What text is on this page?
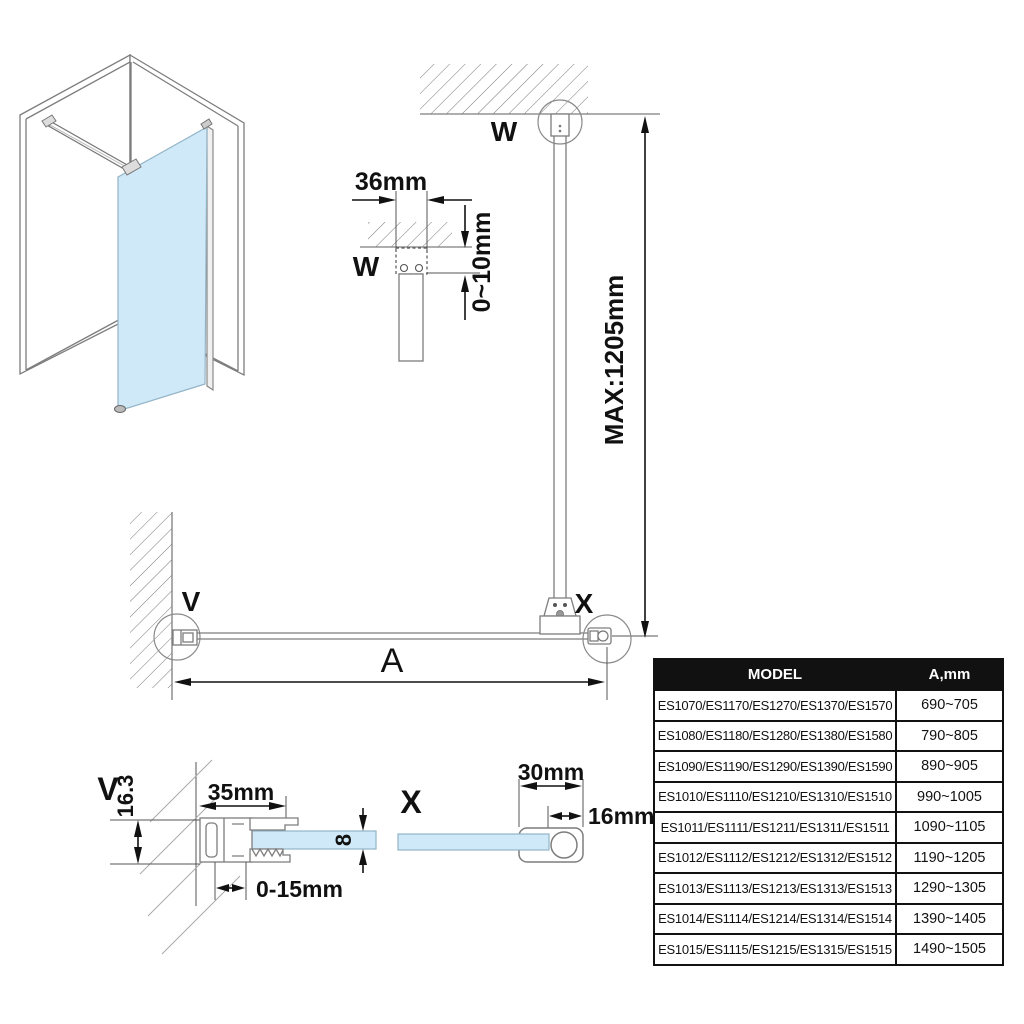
36mm
0~10mm
W
W
V	X
MAX:1205mm
A
V
16.3	35mm
8
0-15mm
X
30mm
16mm
MODEL	A,mm
ES1070/ES1170/ES1270/ES1370/ES1570	690~705
ES1080/ES1180/ES1280/ES1380/ES1580	790~805
ES1090/ES1190/ES1290/ES1390/ES1590	890~905
ES1010/ES1110/ES1210/ES1310/ES1510	990~1005
ES1011/ES1111/ES1211/ES1311/ES1511	1090~1105
ES1012/ES1112/ES1212/ES1312/ES1512	1190~1205
ES1013/ES1113/ES1213/ES1313/ES1513	1290~1305
ES1014/ES1114/ES1214/ES1314/ES1514	1390~1405
ES1015/ES1115/ES1215/ES1315/ES1515	1490~1505
